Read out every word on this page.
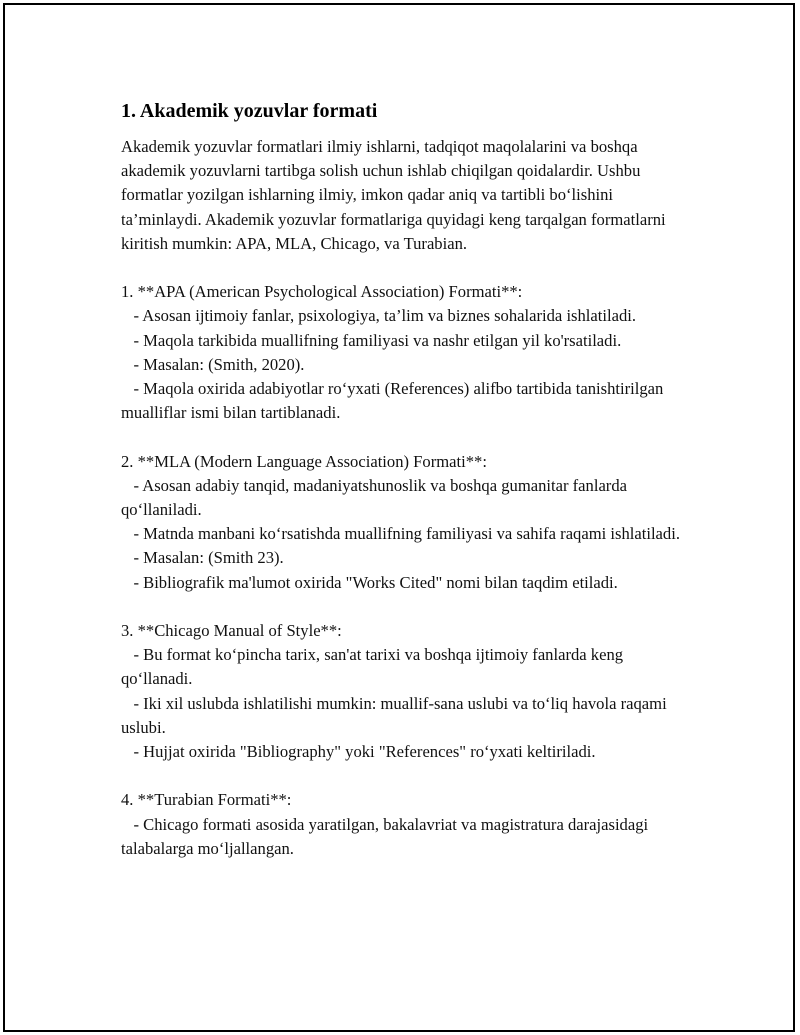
1. Akademik yozuvlar formati

Akademik yozuvlar formatlari ilmiy ishlarni, tadqiqot maqolalarini va boshqa akademik yozuvlarni tartibga solish uchun ishlab chiqilgan qoidalardir. Ushbu formatlar yozilgan ishlarning ilmiy, imkon qadar aniq va tartibli bo‘lishini ta’minlaydi. Akademik yozuvlar formatlariga quyidagi keng tarqalgan formatlarni kiritish mumkin: APA, MLA, Chicago, va Turabian.

1. **APA (American Psychological Association) Formati**:
- Asosan ijtimoiy fanlar, psixologiya, ta’lim va biznes sohalarida ishlatiladi.
- Maqola tarkibida muallifning familiyasi va nashr etilgan yil ko'rsatiladi.
- Masalan: (Smith, 2020).
- Maqola oxirida adabiyotlar ro‘yxati (References) alifbo tartibida tanishtirilgan mualliflar ismi bilan tartiblanadi.
2. **MLA (Modern Language Association) Formati**:
- Asosan adabiy tanqid, madaniyatshunoslik va boshqa gumanitar fanlarda qo‘llaniladi.
- Matnda manbani ko‘rsatishda muallifning familiyasi va sahifa raqami ishlatiladi.
- Masalan: (Smith 23).
- Bibliografik ma'lumot oxirida "Works Cited" nomi bilan taqdim etiladi.
3. **Chicago Manual of Style**:
- Bu format ko‘pincha tarix, san'at tarixi va boshqa ijtimoiy fanlarda keng qo‘llanadi.
- Iki xil uslubda ishlatilishi mumkin: muallif-sana uslubi va to‘liq havola raqami uslubi.
- Hujjat oxirida "Bibliography" yoki "References" ro‘yxati keltiriladi.
4. **Turabian Formati**:
- Chicago formati asosida yaratilgan, bakalavriat va magistratura darajasidagi talabalarga mo‘ljallangan.
